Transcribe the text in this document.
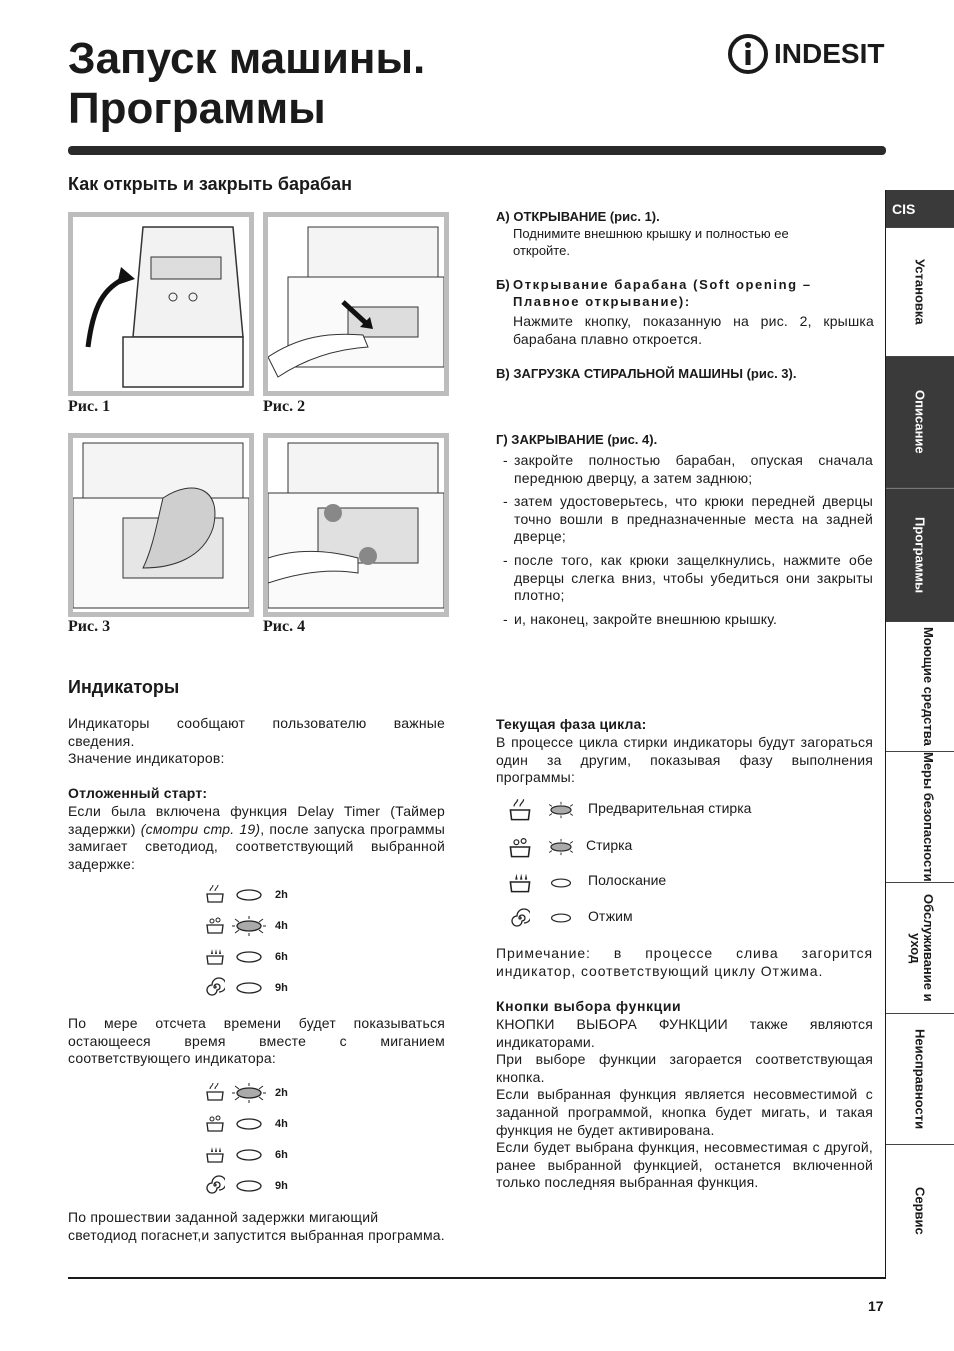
Запуск машины.
Программы
INDESIT
Как открыть и закрыть барабан
Рис. 1	Рис. 2
Рис. 3	Рис. 4
А) ОТКРЫВАНИЕ (рис. 1).
Поднимите внешнюю крышку и полностью ее откройте.
Б) Открывание барабана (Soft opening – Плавное открывание):
Нажмите кнопку, показанную на рис. 2, крышка барабана плавно откроется.
В) ЗАГРУЗКА СТИРАЛЬНОЙ МАШИНЫ (рис. 3).
Г) ЗАКРЫВАНИЕ (рис. 4).
- закройте полностью барабан, опуская сначала переднюю дверцу, а затем заднюю;
- затем удостоверьтесь, что крюки передней дверцы точно вошли в предназначенные места на задней дверце;
- после того, как крюки защелкнулись, нажмите обе дверцы слегка вниз, чтобы убедиться они закрыты плотно;
- и, наконец, закройте внешнюю крышку.
Индикаторы
Индикаторы сообщают пользователю важные сведения.
Значение индикаторов:
Отложенный старт:
Если была включена функция Delay Timer (Таймер задержки) (смотри стр. 19), после запуска программы замигает светодиод, соответствующий выбранной задержке:
2h
4h
6h
9h
По мере отсчета времени будет показываться остающееся время вместе с миганием соответствующего индикатора:
2h
4h
6h
9h
По прошествии заданной задержки мигающий светодиод погаснет,и запустится выбранная программа.
Текущая фаза цикла:
В процессе цикла стирки индикаторы будут загораться один за другим, показывая фазу выполнения программы:
Предварительная стирка
Стирка
Полоскание
Отжим
Примечание: в процессе слива загорится индикатор, соответствующий циклу Отжима.
Кнопки выбора функции
КНОПКИ ВЫБОРА ФУНКЦИИ также являются индикаторами.
При выборе функции загорается соответствующая кнопка.
Если выбранная функция является несовместимой с заданной программой, кнопка будет мигать, и такая функция не будет активирована.
Если будет выбрана функция, несовместимая с другой, ранее выбранной функцией, останется включенной только последняя выбранная функция.
CIS
Установка
Описание
Программы
Моющие средства
Меры безопасности
Обслуживание и уход
Неисправности
Сервис
17
